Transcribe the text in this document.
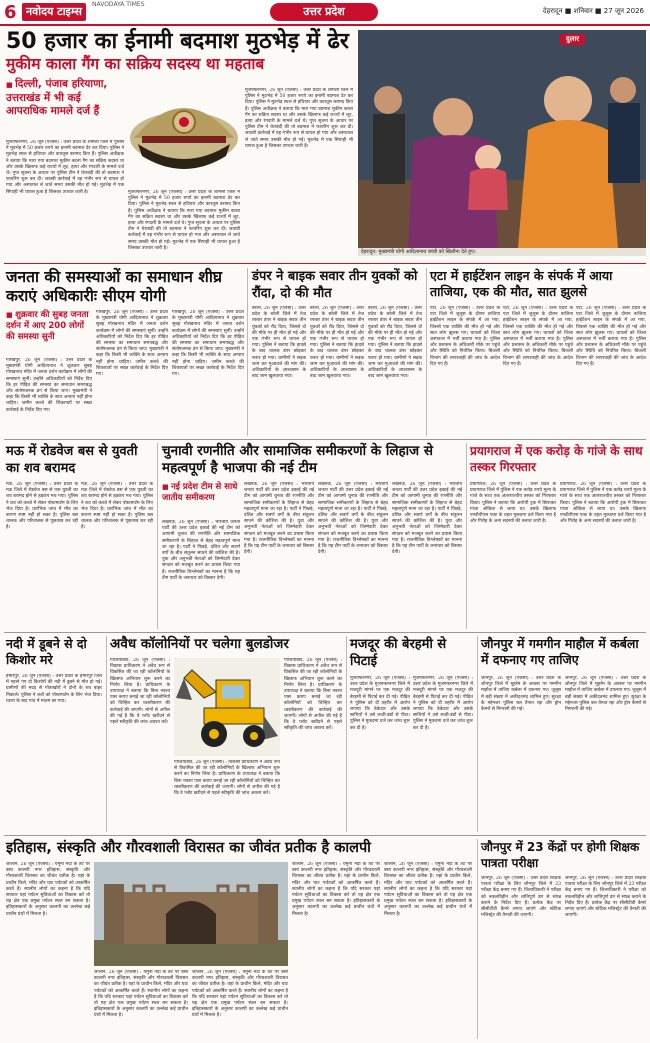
6 नवोदय टाइम्स
NAVODAYA TIMES
उत्तर प्रदेश	देहरादून ■ शनिवार ■ 27 जून 2026
50 हजार का ईनामी बदमाश मुठभेड़ में ढेर
मुकीम काला गैंग का सक्रिय सदस्य था महताब
■ दिल्ली, पंजाब हरियाणा, उत्तराखंड में भी कई आपराधिक मामले दर्ज हैं
मुजफ्फरनगर, 26 जून (एजेंसी) : उत्तर प्रदेश के शामली जिले में पुलिस ने मुठभेड़ में 50 हजार रुपये का इनामी बदमाश ढेर कर दिया। पुलिस ने मुठभेड़ स्थल से हथियार और कारतूस बरामद किए हैं। पुलिस अधीक्षक ने बताया कि मारा गया बदमाश मुकीम काला गैंग का सक्रिय सदस्य था और उसके खिलाफ कई राज्यों में लूट, हत्या और रंगदारी के मामले दर्ज थे। गुप्त सूचना के आधार पर पुलिस टीम ने घेराबंदी की तो बदमाश ने फायरिंग शुरू कर दी। जवाबी कार्रवाई में वह गंभीर रूप से घायल हो गया और अस्पताल ले जाते समय उसकी मौत हो गई। मुठभेड़ में एक सिपाही भी घायल हुआ है जिसका उपचार जारी है।	मुजफ्फरनगर, 26 जून (एजेंसी) : उत्तर प्रदेश के शामली जिले में पुलिस ने मुठभेड़ में 50 हजार रुपये का इनामी बदमाश ढेर कर दिया। पुलिस ने मुठभेड़ स्थल से हथियार और कारतूस बरामद किए हैं। पुलिस अधीक्षक ने बताया कि मारा गया बदमाश मुकीम काला गैंग का सक्रिय सदस्य था और उसके खिलाफ कई राज्यों में लूट, हत्या और रंगदारी के मामले दर्ज थे। गुप्त सूचना के आधार पर पुलिस टीम ने घेराबंदी की तो बदमाश ने फायरिंग शुरू कर दी। जवाबी कार्रवाई में वह गंभीर रूप से घायल हो गया और अस्पताल ले जाते समय उसकी मौत हो गई। मुठभेड़ में एक सिपाही भी घायल हुआ है जिसका उपचार जारी है।
मुजफ्फरनगर, 26 जून (एजेंसी) : उत्तर प्रदेश के शामली जिले में पुलिस ने मुठभेड़ में 50 हजार रुपये का इनामी बदमाश ढेर कर दिया। पुलिस ने मुठभेड़ स्थल से हथियार और कारतूस बरामद किए हैं। पुलिस अधीक्षक ने बताया कि मारा गया बदमाश मुकीम काला गैंग का सक्रिय सदस्य था और उसके खिलाफ कई राज्यों में लूट, हत्या और रंगदारी के मामले दर्ज थे। गुप्त सूचना के आधार पर पुलिस टीम ने घेराबंदी की तो बदमाश ने फायरिंग शुरू कर दी। जवाबी कार्रवाई में वह गंभीर रूप से घायल हो गया और अस्पताल ले जाते समय उसकी मौत हो गई। मुठभेड़ में एक सिपाही भी घायल हुआ है जिसका उपचार जारी है।
दुलार
देहरादून: मुख्यमंत्री योगी आदित्यनाथ बच्ची को खिलौना देते हुए।
जनता की समस्याओं का समाधान शीघ्र कराएं अधिकारीः सीएम योगी
■ शुक्रवार की सुबह जनता दर्शन में आए 200 लोगों की समस्या सुनी
गोरखपुर, 26 जून (एजेंसी) : उत्तर प्रदेश के मुख्यमंत्री योगी आदित्यनाथ ने शुक्रवार सुबह गोरखनाथ मंदिर में जनता दर्शन कार्यक्रम में लोगों की समस्याएं सुनीं। उन्होंने अधिकारियों को निर्देश दिए कि हर पीड़ित की समस्या का समाधान समयबद्ध और संतोषजनक ढंग से किया जाए। मुख्यमंत्री ने कहा कि किसी भी व्यक्ति के साथ अन्याय नहीं होना चाहिए। जमीन कब्जे की शिकायतों पर सख्त कार्रवाई के निर्देश दिए गए।
गोरखपुर, 26 जून (एजेंसी) : उत्तर प्रदेश के मुख्यमंत्री योगी आदित्यनाथ ने शुक्रवार सुबह गोरखनाथ मंदिर में जनता दर्शन कार्यक्रम में लोगों की समस्याएं सुनीं। उन्होंने अधिकारियों को निर्देश दिए कि हर पीड़ित की समस्या का समाधान समयबद्ध और संतोषजनक ढंग से किया जाए। मुख्यमंत्री ने कहा कि किसी भी व्यक्ति के साथ अन्याय नहीं होना चाहिए। जमीन कब्जे की शिकायतों पर सख्त कार्रवाई के निर्देश दिए गए।
गोरखपुर, 26 जून (एजेंसी) : उत्तर प्रदेश के मुख्यमंत्री योगी आदित्यनाथ ने शुक्रवार सुबह गोरखनाथ मंदिर में जनता दर्शन कार्यक्रम में लोगों की समस्याएं सुनीं। उन्होंने अधिकारियों को निर्देश दिए कि हर पीड़ित की समस्या का समाधान समयबद्ध और संतोषजनक ढंग से किया जाए। मुख्यमंत्री ने कहा कि किसी भी व्यक्ति के साथ अन्याय नहीं होना चाहिए। जमीन कब्जे की शिकायतों पर सख्त कार्रवाई के निर्देश दिए गए।
डंपर ने बाइक सवार तीन युवकों को रौंदा, दो की मौत
बरेली, 26 जून (एजेंसी) : उत्तर प्रदेश के बरेली जिले में तेज रफ्तार डंपर ने बाइक सवार तीन युवकों को रौंद दिया, जिससे दो की मौके पर ही मौत हो गई और एक गंभीर रूप से घायल हो गया। पुलिस ने बताया कि हादसे के बाद चालक डंपर छोड़कर फरार हो गया। ग्रामीणों ने सड़क जाम कर मुआवजे की मांग की। अधिकारियों के आश्वासन के बाद जाम खुलवाया गया।
बरेली, 26 जून (एजेंसी) : उत्तर प्रदेश के बरेली जिले में तेज रफ्तार डंपर ने बाइक सवार तीन युवकों को रौंद दिया, जिससे दो की मौके पर ही मौत हो गई और एक गंभीर रूप से घायल हो गया। पुलिस ने बताया कि हादसे के बाद चालक डंपर छोड़कर फरार हो गया। ग्रामीणों ने सड़क जाम कर मुआवजे की मांग की। अधिकारियों के आश्वासन के बाद जाम खुलवाया गया।
बरेली, 26 जून (एजेंसी) : उत्तर प्रदेश के बरेली जिले में तेज रफ्तार डंपर ने बाइक सवार तीन युवकों को रौंद दिया, जिससे दो की मौके पर ही मौत हो गई और एक गंभीर रूप से घायल हो गया। पुलिस ने बताया कि हादसे के बाद चालक डंपर छोड़कर फरार हो गया। ग्रामीणों ने सड़क जाम कर मुआवजे की मांग की। अधिकारियों के आश्वासन के बाद जाम खुलवाया गया।
एटा में हाईटेंशन लाइन के संपर्क में आया ताजिया, एक की मौत, सात झुलसे
एटा, 26 जून (एजेंसी) : उत्तर प्रदेश के एटा जिले में जुलूस के दौरान ताजिया हाईटेंशन लाइन के संपर्क में आ गया, जिससे एक व्यक्ति की मौत हो गई और सात लोग झुलस गए। घायलों को जिला अस्पताल में भर्ती कराया गया है। पुलिस और प्रशासन के अधिकारी मौके पर पहुंचे और स्थिति को नियंत्रित किया। बिजली विभाग की लापरवाही की जांच के आदेश दिए गए हैं।
एटा, 26 जून (एजेंसी) : उत्तर प्रदेश के एटा जिले में जुलूस के दौरान ताजिया हाईटेंशन लाइन के संपर्क में आ गया, जिससे एक व्यक्ति की मौत हो गई और सात लोग झुलस गए। घायलों को जिला अस्पताल में भर्ती कराया गया है। पुलिस और प्रशासन के अधिकारी मौके पर पहुंचे और स्थिति को नियंत्रित किया। बिजली विभाग की लापरवाही की जांच के आदेश दिए गए हैं।
एटा, 26 जून (एजेंसी) : उत्तर प्रदेश के एटा जिले में जुलूस के दौरान ताजिया हाईटेंशन लाइन के संपर्क में आ गया, जिससे एक व्यक्ति की मौत हो गई और सात लोग झुलस गए। घायलों को जिला अस्पताल में भर्ती कराया गया है। पुलिस और प्रशासन के अधिकारी मौके पर पहुंचे और स्थिति को नियंत्रित किया। बिजली विभाग की लापरवाही की जांच के आदेश दिए गए हैं।
मऊ में रोडवेज बस से युवती का शव बरामद
मऊ, 26 जून (एजेंसी) : उत्तर प्रदेश के मऊ जिले में रोडवेज बस से एक युवती का शव बरामद होने से हड़कंप मच गया। पुलिस ने शव को कब्जे में लेकर पोस्टमार्टम के लिए भेज दिया है। प्रारंभिक जांच में मौत का कारण स्पष्ट नहीं हो सका है। पुलिस बस चालक और परिचालक से पूछताछ कर रही है।
मऊ, 26 जून (एजेंसी) : उत्तर प्रदेश के मऊ जिले में रोडवेज बस से एक युवती का शव बरामद होने से हड़कंप मच गया। पुलिस ने शव को कब्जे में लेकर पोस्टमार्टम के लिए भेज दिया है। प्रारंभिक जांच में मौत का कारण स्पष्ट नहीं हो सका है। पुलिस बस चालक और परिचालक से पूछताछ कर रही है।
चुनावी रणनीति और सामाजिक समीकरणों के लिहाज से महत्वपूर्ण है भाजपा की नई टीम
■ नई प्रदेश टीम से साधे जातीय समीकरण
लखनऊ, 26 जून (एजेंसी) : भारतीय जनता पार्टी की उत्तर प्रदेश इकाई की नई टीम को आगामी चुनाव की रणनीति और सामाजिक समीकरणों के लिहाज से बेहद महत्वपूर्ण माना जा रहा है। पार्टी ने पिछड़े, दलित और सवर्ण वर्गों के बीच संतुलन साधने की कोशिश की है। युवा और अनुभवी नेताओं को जिम्मेदारी देकर संगठन को मजबूत करने का प्रयास किया गया है। राजनीतिक विश्लेषकों का मानना है कि यह टीम पार्टी के जनाधार को विस्तार देगी।
लखनऊ, 26 जून (एजेंसी) : भारतीय जनता पार्टी की उत्तर प्रदेश इकाई की नई टीम को आगामी चुनाव की रणनीति और सामाजिक समीकरणों के लिहाज से बेहद महत्वपूर्ण माना जा रहा है। पार्टी ने पिछड़े, दलित और सवर्ण वर्गों के बीच संतुलन साधने की कोशिश की है। युवा और अनुभवी नेताओं को जिम्मेदारी देकर संगठन को मजबूत करने का प्रयास किया गया है। राजनीतिक विश्लेषकों का मानना है कि यह टीम पार्टी के जनाधार को विस्तार देगी।
लखनऊ, 26 जून (एजेंसी) : भारतीय जनता पार्टी की उत्तर प्रदेश इकाई की नई टीम को आगामी चुनाव की रणनीति और सामाजिक समीकरणों के लिहाज से बेहद महत्वपूर्ण माना जा रहा है। पार्टी ने पिछड़े, दलित और सवर्ण वर्गों के बीच संतुलन साधने की कोशिश की है। युवा और अनुभवी नेताओं को जिम्मेदारी देकर संगठन को मजबूत करने का प्रयास किया गया है। राजनीतिक विश्लेषकों का मानना है कि यह टीम पार्टी के जनाधार को विस्तार देगी।
लखनऊ, 26 जून (एजेंसी) : भारतीय जनता पार्टी की उत्तर प्रदेश इकाई की नई टीम को आगामी चुनाव की रणनीति और सामाजिक समीकरणों के लिहाज से बेहद महत्वपूर्ण माना जा रहा है। पार्टी ने पिछड़े, दलित और सवर्ण वर्गों के बीच संतुलन साधने की कोशिश की है। युवा और अनुभवी नेताओं को जिम्मेदारी देकर संगठन को मजबूत करने का प्रयास किया गया है। राजनीतिक विश्लेषकों का मानना है कि यह टीम पार्टी के जनाधार को विस्तार देगी।
प्रयागराज में एक करोड़ के गांजे के साथ तस्कर गिरफ्तार
प्रयागराज, 26 जून (एजेंसी) : उत्तर प्रदेश के प्रयागराज जिले में पुलिस ने एक करोड़ रुपये मूल्य के गांजे के साथ एक अंतरराज्यीय तस्कर को गिरफ्तार किया। पुलिस ने बताया कि आरोपी ट्रक में छिपाकर गांजा ओडिशा से लाया था। उसके खिलाफ एनडीपीएस एक्ट के तहत मुकदमा दर्ज किया गया है और गिरोह के अन्य सदस्यों की तलाश जारी है।
प्रयागराज, 26 जून (एजेंसी) : उत्तर प्रदेश के प्रयागराज जिले में पुलिस ने एक करोड़ रुपये मूल्य के गांजे के साथ एक अंतरराज्यीय तस्कर को गिरफ्तार किया। पुलिस ने बताया कि आरोपी ट्रक में छिपाकर गांजा ओडिशा से लाया था। उसके खिलाफ एनडीपीएस एक्ट के तहत मुकदमा दर्ज किया गया है और गिरोह के अन्य सदस्यों की तलाश जारी है।
नदी में डूबने से दो किशोर मरे
हमीरपुर, 26 जून (एजेंसी) : उत्तर प्रदेश के हमीरपुर जिले में नहाने गए दो किशोरों की नदी में डूबने से मौत हो गई। ग्रामीणों की मदद से गोताखोरों ने दोनों के शव बाहर निकाले। पुलिस ने शवों को पोस्टमार्टम के लिए भेज दिया। घटना के बाद गांव में मातम छा गया।
अवैध कॉलोनियों पर चलेगा बुलडोजर
गाजियाबाद, 26 जून (एजेंसी) : विकास प्राधिकरण ने अवैध रूप से विकसित की जा रही कॉलोनियों के खिलाफ अभियान शुरू करने का निर्णय लिया है। प्राधिकरण के उपाध्यक्ष ने बताया कि बिना नक्शा पास कराए बनाई जा रही कॉलोनियों को चिन्हित कर ध्वस्तीकरण की कार्रवाई की जाएगी। लोगों से अपील की गई है कि वे प्लॉट खरीदने से पहले स्वीकृति की जांच अवश्य करें।
गाजियाबाद, 26 जून (एजेंसी) : विकास प्राधिकरण ने अवैध रूप से विकसित की जा रही कॉलोनियों के खिलाफ अभियान शुरू करने का निर्णय लिया है। प्राधिकरण के उपाध्यक्ष ने बताया कि बिना नक्शा पास कराए बनाई जा रही कॉलोनियों को चिन्हित कर ध्वस्तीकरण की कार्रवाई की जाएगी। लोगों से अपील की गई है कि वे प्लॉट खरीदने से पहले स्वीकृति की जांच अवश्य करें।
गाजियाबाद, 26 जून (एजेंसी) : विकास प्राधिकरण ने अवैध रूप से विकसित की जा रही कॉलोनियों के खिलाफ अभियान शुरू करने का निर्णय लिया है। प्राधिकरण के उपाध्यक्ष ने बताया कि बिना नक्शा पास कराए बनाई जा रही कॉलोनियों को चिन्हित कर ध्वस्तीकरण की कार्रवाई की जाएगी। लोगों से अपील की गई है कि वे प्लॉट खरीदने से पहले स्वीकृति की जांच अवश्य करें।
मजदूर की बेरहमी से पिटाई
मुजफ्फरनगर, 26 जून (एजेंसी) : उत्तर प्रदेश के मुजफ्फरनगर जिले में मजदूरी मांगने पर एक मजदूर की बेरहमी से पिटाई कर दी गई। पीड़ित ने पुलिस को दी तहरीर में आरोप लगाया कि ठेकेदार और उसके साथियों ने उसे लाठी-डंडों से पीटा। पुलिस ने मुकदमा दर्ज कर जांच शुरू कर दी है।
मुजफ्फरनगर, 26 जून (एजेंसी) : उत्तर प्रदेश के मुजफ्फरनगर जिले में मजदूरी मांगने पर एक मजदूर की बेरहमी से पिटाई कर दी गई। पीड़ित ने पुलिस को दी तहरीर में आरोप लगाया कि ठेकेदार और उसके साथियों ने उसे लाठी-डंडों से पीटा। पुलिस ने मुकदमा दर्ज कर जांच शुरू कर दी है।
जौनपुर में गमगीन माहौल में कर्बला में दफनाए गए ताजिए
जौनपुर, 26 जून (एजेंसी) : उत्तर प्रदेश के जौनपुर जिले में मुहर्रम के अवसर पर गमगीन माहौल में ताजिए कर्बला में दफनाए गए। जुलूस में बड़ी संख्या में अकीदतमंद शामिल हुए। सुरक्षा के मद्देनजर पुलिस बल तैनात रहा और ड्रोन कैमरों से निगरानी की गई।
जौनपुर, 26 जून (एजेंसी) : उत्तर प्रदेश के जौनपुर जिले में मुहर्रम के अवसर पर गमगीन माहौल में ताजिए कर्बला में दफनाए गए। जुलूस में बड़ी संख्या में अकीदतमंद शामिल हुए। सुरक्षा के मद्देनजर पुलिस बल तैनात रहा और ड्रोन कैमरों से निगरानी की गई।
इतिहास, संस्कृति और गौरवशाली विरासत का जीवंत प्रतीक है कालपी
जालौन, 26 जून (एजेंसी) : यमुना नदी के तट पर बसा कालपी नगर इतिहास, संस्कृति और गौरवशाली विरासत का जीवंत प्रतीक है। यहां के प्राचीन किले, मंदिर और घाट पर्यटकों को आकर्षित करते हैं। स्थानीय लोगों का कहना है कि यदि सरकार यहां पर्यटन सुविधाओं का विकास करे तो यह क्षेत्र एक प्रमुख पर्यटन स्थल बन सकता है। इतिहासकारों के अनुसार कालपी का उल्लेख कई प्राचीन ग्रंथों में मिलता है।
जालौन, 26 जून (एजेंसी) : यमुना नदी के तट पर बसा कालपी नगर इतिहास, संस्कृति और गौरवशाली विरासत का जीवंत प्रतीक है। यहां के प्राचीन किले, मंदिर और घाट पर्यटकों को आकर्षित करते हैं। स्थानीय लोगों का कहना है कि यदि सरकार यहां पर्यटन सुविधाओं का विकास करे तो यह क्षेत्र एक प्रमुख पर्यटन स्थल बन सकता है। इतिहासकारों के अनुसार कालपी का उल्लेख कई प्राचीन ग्रंथों में मिलता है।
जालौन, 26 जून (एजेंसी) : यमुना नदी के तट पर बसा कालपी नगर इतिहास, संस्कृति और गौरवशाली विरासत का जीवंत प्रतीक है। यहां के प्राचीन किले, मंदिर और घाट पर्यटकों को आकर्षित करते हैं। स्थानीय लोगों का कहना है कि यदि सरकार यहां पर्यटन सुविधाओं का विकास करे तो यह क्षेत्र एक प्रमुख पर्यटन स्थल बन सकता है। इतिहासकारों के अनुसार कालपी का उल्लेख कई प्राचीन ग्रंथों में मिलता है।
जालौन, 26 जून (एजेंसी) : यमुना नदी के तट पर बसा कालपी नगर इतिहास, संस्कृति और गौरवशाली विरासत का जीवंत प्रतीक है। यहां के प्राचीन किले, मंदिर और घाट पर्यटकों को आकर्षित करते हैं। स्थानीय लोगों का कहना है कि यदि सरकार यहां पर्यटन सुविधाओं का विकास करे तो यह क्षेत्र एक प्रमुख पर्यटन स्थल बन सकता है। इतिहासकारों के अनुसार कालपी का उल्लेख कई प्राचीन ग्रंथों में मिलता है।
जालौन, 26 जून (एजेंसी) : यमुना नदी के तट पर बसा कालपी नगर इतिहास, संस्कृति और गौरवशाली विरासत का जीवंत प्रतीक है। यहां के प्राचीन किले, मंदिर और घाट पर्यटकों को आकर्षित करते हैं। स्थानीय लोगों का कहना है कि यदि सरकार यहां पर्यटन सुविधाओं का विकास करे तो यह क्षेत्र एक प्रमुख पर्यटन स्थल बन सकता है। इतिहासकारों के अनुसार कालपी का उल्लेख कई प्राचीन ग्रंथों में मिलता है।
जौनपुर में 23 केंद्रों पर होगी शिक्षक पात्रता परीक्षा
जौनपुर, 26 जून (एजेंसी) : उत्तर प्रदेश शिक्षक पात्रता परीक्षा के लिए जौनपुर जिले में 23 परीक्षा केंद्र बनाए गए हैं। जिलाधिकारी ने परीक्षा को नकलविहीन और शांतिपूर्ण ढंग से संपन्न कराने के निर्देश दिए हैं। प्रत्येक केंद्र पर सीसीटीवी कैमरे लगाए जाएंगे और स्टेटिक मजिस्ट्रेट की तैनाती की जाएगी।
जौनपुर, 26 जून (एजेंसी) : उत्तर प्रदेश शिक्षक पात्रता परीक्षा के लिए जौनपुर जिले में 23 परीक्षा केंद्र बनाए गए हैं। जिलाधिकारी ने परीक्षा को नकलविहीन और शांतिपूर्ण ढंग से संपन्न कराने के निर्देश दिए हैं। प्रत्येक केंद्र पर सीसीटीवी कैमरे लगाए जाएंगे और स्टेटिक मजिस्ट्रेट की तैनाती की जाएगी।
